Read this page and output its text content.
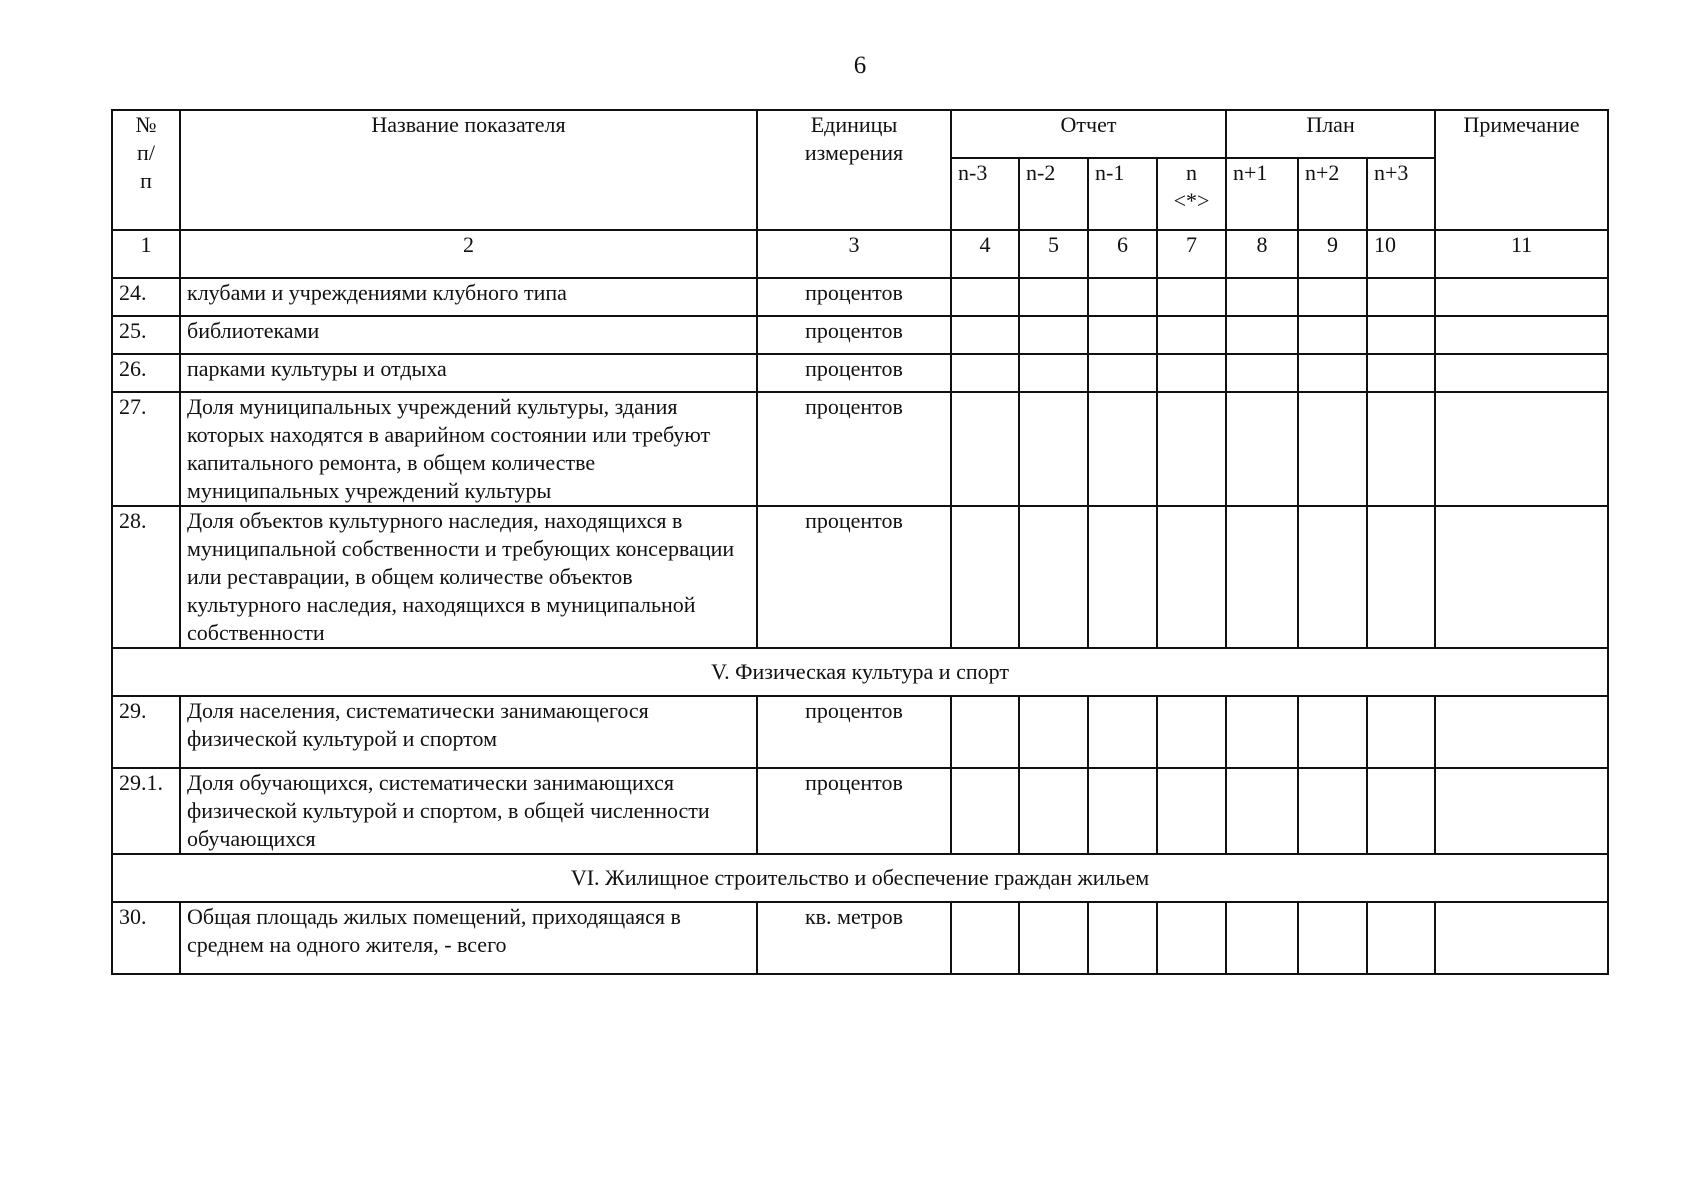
6
№ п/п	Название показателя	Единицы измерения	Отчет				План			Примечание
			n-3	n-2	n-1	n <*>	n+1	n+2	n+3	
1	2	3	4	5	6	7	8	9	10	11
24.	клубами и учреждениями клубного типа	процентов								
25.	библиотеками	процентов								
26.	парками культуры и отдыха	процентов								
27.	Доля муниципальных учреждений культуры, здания которых находятся в аварийном состоянии или требуют капитального ремонта, в общем количестве муниципальных учреждений культуры	процентов								
28.	Доля объектов культурного наследия, находящихся в муниципальной собственности и требующих консервации или реставрации, в общем количестве объектов культурного наследия, находящихся в муниципальной собственности	процентов								
V. Физическая культура и спорт										
29.	Доля населения, систематически занимающегося физической культурой и спортом	процентов								
29.1.	Доля обучающихся, систематически занимающихся физической культурой и спортом, в общей численности обучающихся	процентов								
VI. Жилищное строительство и обеспечение граждан жильем										
30.	Общая площадь жилых помещений, приходящаяся в среднем на одного жителя, - всего	кв. метров								
